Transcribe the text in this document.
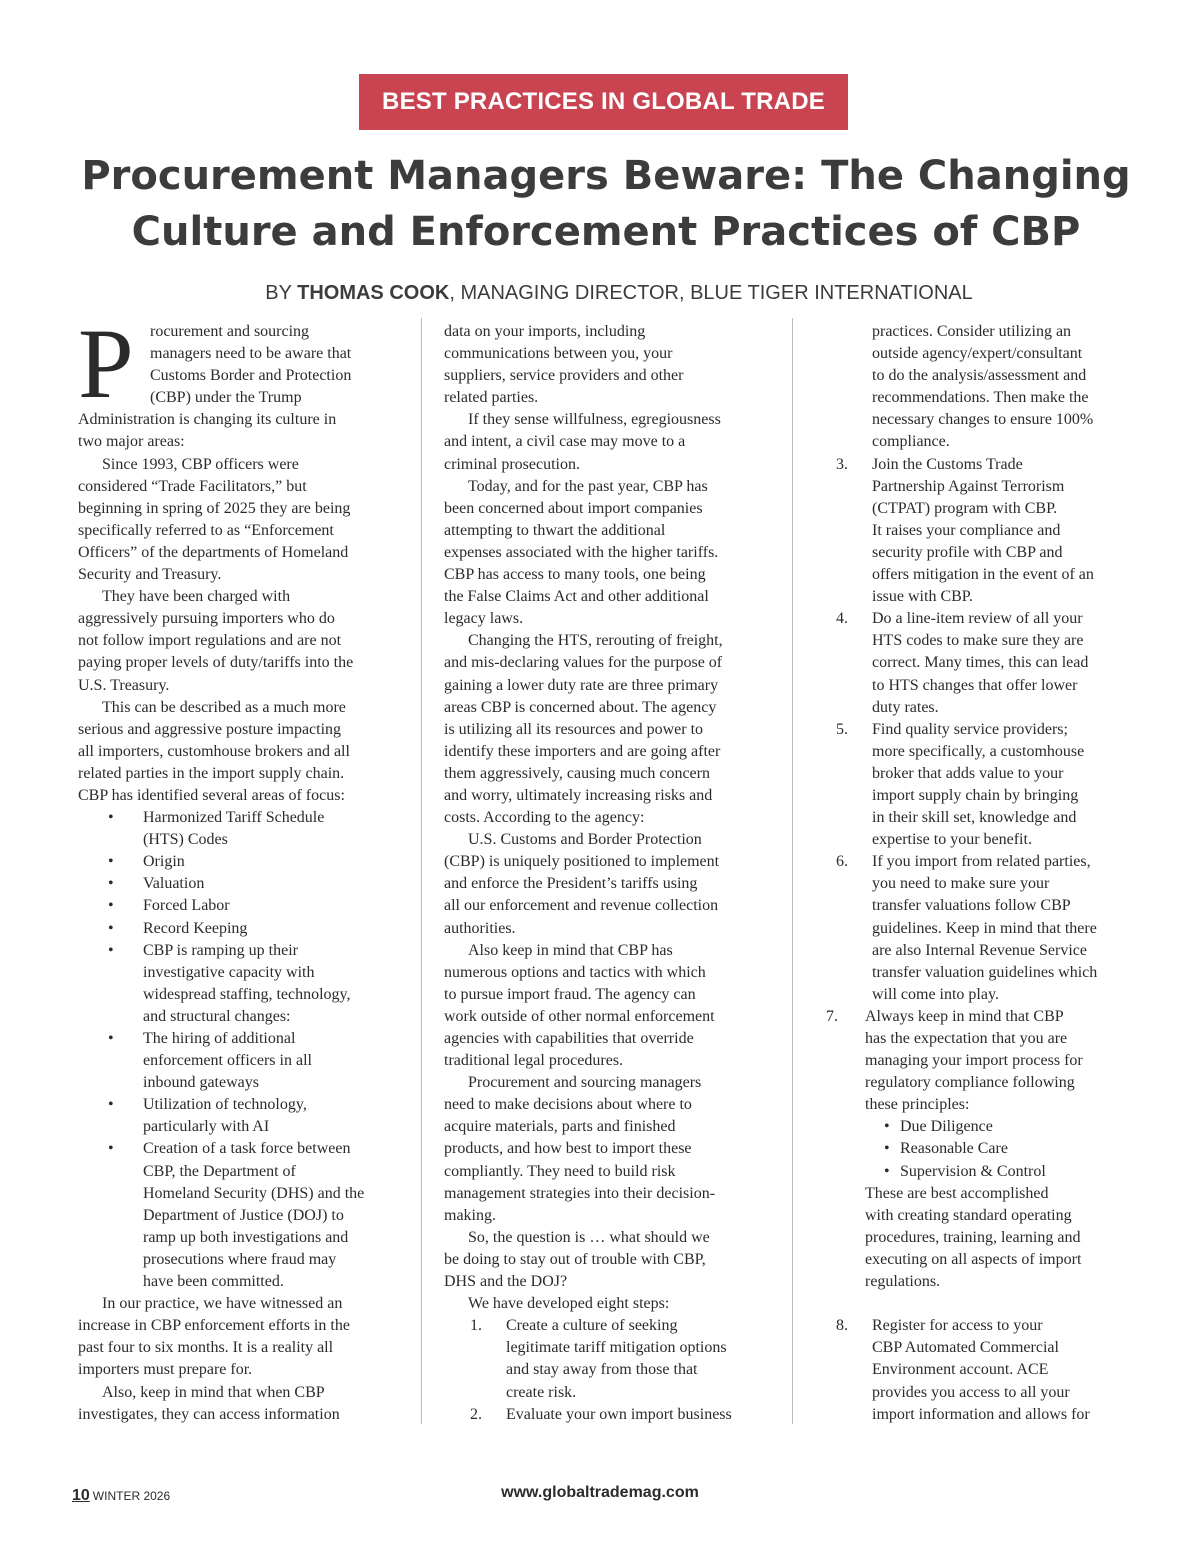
BEST PRACTICES IN GLOBAL TRADE
Procurement Managers Beware: The Changing
Culture and Enforcement Practices of CBP
BY THOMAS COOK, MANAGING DIRECTOR, BLUE TIGER INTERNATIONAL
P	rocurement and sourcing
managers need to be aware that
Customs Border and Protection
(CBP) under the Trump
Administration is changing its culture in
two major areas:
Since 1993, CBP officers were
considered “Trade Facilitators,” but
beginning in spring of 2025 they are being
specifically referred to as “Enforcement
Officers” of the departments of Homeland
Security and Treasury.
They have been charged with
aggressively pursuing importers who do
not follow import regulations and are not
paying proper levels of duty/tariffs into the
U.S. Treasury.
This can be described as a much more
serious and aggressive posture impacting
all importers, customhouse brokers and all
related parties in the import supply chain.
CBP has identified several areas of focus:
• Harmonized Tariff Schedule
(HTS) Codes
• Origin
• Valuation
• Forced Labor
• Record Keeping
• CBP is ramping up their
investigative capacity with
widespread staffing, technology,
and structural changes:
• The hiring of additional
enforcement officers in all
inbound gateways
• Utilization of technology,
particularly with AI
• Creation of a task force between
CBP, the Department of
Homeland Security (DHS) and the
Department of Justice (DOJ) to
ramp up both investigations and
prosecutions where fraud may
have been committed.
In our practice, we have witnessed an
increase in CBP enforcement efforts in the
past four to six months. It is a reality all
importers must prepare for.
Also, keep in mind that when CBP
investigates, they can access information
data on your imports, including
communications between you, your
suppliers, service providers and other
related parties.
If they sense willfulness, egregiousness
and intent, a civil case may move to a
criminal prosecution.
Today, and for the past year, CBP has
been concerned about import companies
attempting to thwart the additional
expenses associated with the higher tariffs.
CBP has access to many tools, one being
the False Claims Act and other additional
legacy laws.
Changing the HTS, rerouting of freight,
and mis-declaring values for the purpose of
gaining a lower duty rate are three primary
areas CBP is concerned about. The agency
is utilizing all its resources and power to
identify these importers and are going after
them aggressively, causing much concern
and worry, ultimately increasing risks and
costs. According to the agency:
U.S. Customs and Border Protection
(CBP) is uniquely positioned to implement
and enforce the President’s tariffs using
all our enforcement and revenue collection
authorities.
Also keep in mind that CBP has
numerous options and tactics with which
to pursue import fraud. The agency can
work outside of other normal enforcement
agencies with capabilities that override
traditional legal procedures.
Procurement and sourcing managers
need to make decisions about where to
acquire materials, parts and finished
products, and how best to import these
compliantly. They need to build risk
management strategies into their decision-
making.
So, the question is … what should we
be doing to stay out of trouble with CBP,
DHS and the DOJ?
We have developed eight steps:
1. Create a culture of seeking
legitimate tariff mitigation options
and stay away from those that
create risk.
2. Evaluate your own import business
practices. Consider utilizing an
outside agency/expert/consultant
to do the analysis/assessment and
recommendations. Then make the
necessary changes to ensure 100%
compliance.
3. Join the Customs Trade
Partnership Against Terrorism
(CTPAT) program with CBP.
It raises your compliance and
security profile with CBP and
offers mitigation in the event of an
issue with CBP.
4. Do a line-item review of all your
HTS codes to make sure they are
correct. Many times, this can lead
to HTS changes that offer lower
duty rates.
5. Find quality service providers;
more specifically, a customhouse
broker that adds value to your
import supply chain by bringing
in their skill set, knowledge and
expertise to your benefit.
6. If you import from related parties,
you need to make sure your
transfer valuations follow CBP
guidelines. Keep in mind that there
are also Internal Revenue Service
transfer valuation guidelines which
will come into play.
7. Always keep in mind that CBP
has the expectation that you are
managing your import process for
regulatory compliance following
these principles:
• Due Diligence
• Reasonable Care
• Supervision & Control
These are best accomplished
with creating standard operating
procedures, training, learning and
executing on all aspects of import
regulations.
8. Register for access to your
CBP Automated Commercial
Environment account. ACE
provides you access to all your
import information and allows for
10 WINTER 2026	www.globaltrademag.com
